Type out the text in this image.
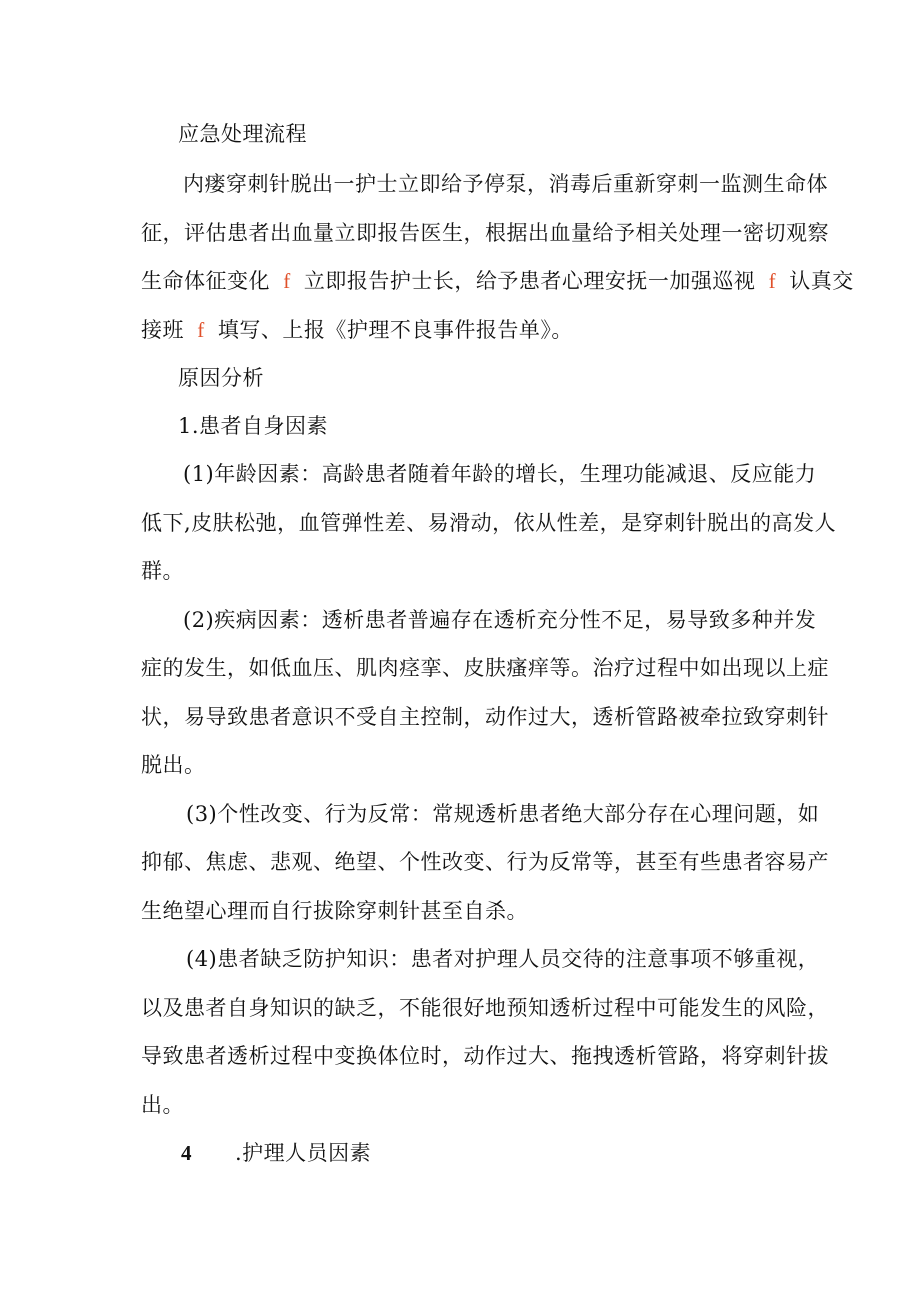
应急处理流程
内瘘穿刺针脱出一护士立即给予停泵，消毒后重新穿刺一监测生命体
征，评估患者出血量立即报告医生，根据出血量给予相关处理一密切观察
生命体征变化 f 立即报告护士长，给予患者心理安抚一加强巡视 f 认真交
接班 f 填写、上报《护理不良事件报告单》。
原因分析
1.患者自身因素
(1)年龄因素：高龄患者随着年龄的增长，生理功能减退、反应能力
低下,皮肤松弛，血管弹性差、易滑动，依从性差，是穿刺针脱出的高发人
群。
(2)疾病因素：透析患者普遍存在透析充分性不足，易导致多种并发
症的发生，如低血压、肌肉痉挛、皮肤瘙痒等。治疗过程中如出现以上症
状，易导致患者意识不受自主控制，动作过大，透析管路被牵拉致穿刺针
脱出。
(3)个性改变、行为反常：常规透析患者绝大部分存在心理问题，如
抑郁、焦虑、悲观、绝望、个性改变、行为反常等，甚至有些患者容易产
生绝望心理而自行拔除穿刺针甚至自杀。
(4)患者缺乏防护知识：患者对护理人员交待的注意事项不够重视，
以及患者自身知识的缺乏，不能很好地预知透析过程中可能发生的风险，
导致患者透析过程中变换体位时，动作过大、拖拽透析管路，将穿刺针拔
出。
4 .护理人员因素
